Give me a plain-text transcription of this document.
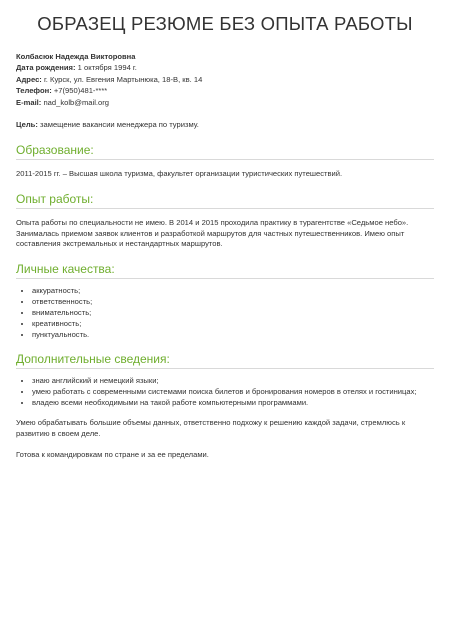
ОБРАЗЕЦ РЕЗЮМЕ БЕЗ ОПЫТА РАБОТЫ
Колбасюк Надежда Викторовна
Дата рождения: 1 октября 1994 г.
Адрес: г. Курск, ул. Евгения Мартынюка, 18-В, кв. 14
Телефон: +7(950)481-****
E-mail: nad_kolb@mail.org

Цель: замещение вакансии менеджера по туризму.

Образование:

2011-2015 гг. – Высшая школа туризма, факультет организации туристических путешествий.

Опыт работы:

Опыта работы по специальности не имею. В 2014 и 2015 проходила практику в турагентстве «Седьмое небо». Занималась приемом заявок клиентов и разработкой маршрутов для частных путешественников. Имею опыт составления экстремальных и нестандартных маршрутов.

Личные качества:
• аккуратность;
• ответственность;
• внимательность;
• креативность;
• пунктуальность.
Дополнительные сведения:
• знаю английский и немецкий языки;
• умею работать с современными системами поиска билетов и бронирования номеров в отелях и гостиницах;
• владею всеми необходимыми на такой работе компьютерными программами.

Умею обрабатывать большие объемы данных, ответственно подхожу к решению каждой задачи, стремлюсь к развитию в своем деле.

Готова к командировкам по стране и за ее пределами.
